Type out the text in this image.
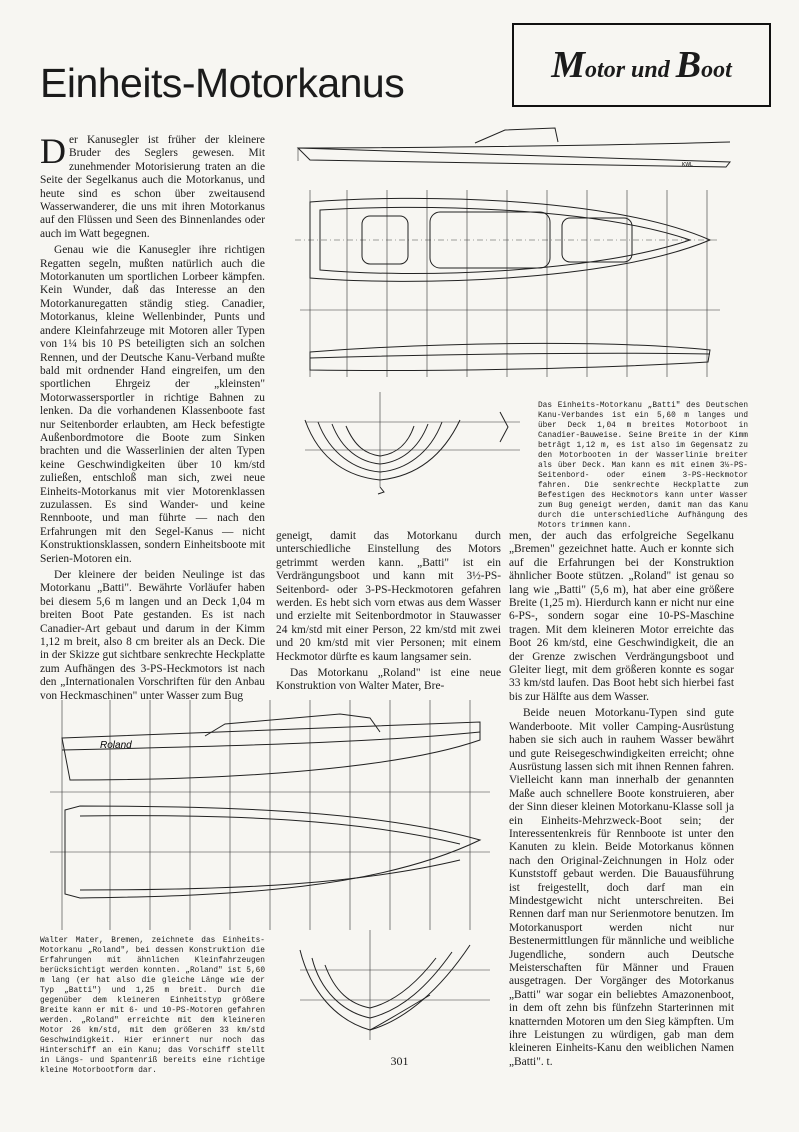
Einheits-Motorkanus	Motor und Boot

Der Kanusegler ist früher der kleinere Bruder des Seglers gewesen. Mit zunehmender Motorisierung traten an die Seite der Segelkanus auch die Motorkanus, und heute sind es schon über zweitausend Wasserwanderer, die uns mit ihren Motorkanus auf den Flüssen und Seen des Binnenlandes oder auch im Watt begegnen.

Genau wie die Kanusegler ihre richtigen Regatten segeln, mußten natürlich auch die Motorkanuten um sportlichen Lorbeer kämpfen. Kein Wunder, daß das Interesse an den Motorkanuregatten ständig stieg. Canadier, Motorkanus, kleine Wellenbinder, Punts und andere Kleinfahrzeuge mit Motoren aller Typen von 1¼ bis 10 PS beteiligten sich an solchen Rennen, und der Deutsche Kanu-Verband mußte bald mit ordnender Hand eingreifen, um den sportlichen Ehrgeiz der „kleinsten" Motorwassersportler in richtige Bahnen zu lenken. Da die vorhandenen Klassenboote fast nur Seitenborder erlaubten, am Heck befestigte Außenbordmotore die Boote zum Sinken brachten und die Wasserlinien der alten Typen keine Geschwindigkeiten über 10 km/std zuließen, entschloß man sich, zwei neue Einheits-Motorkanus mit vier Motorenklassen zuzulassen. Es sind Wander- und keine Rennboote, und man führte — nach den Erfahrungen mit den Segel-Kanus — nicht Konstruktionsklassen, sondern Einheitsboote mit Serien-Motoren ein.

Der kleinere der beiden Neulinge ist das Motorkanu „Batti". Bewährte Vorläufer haben bei diesem 5,6 m langen und an Deck 1,04 m breiten Boot Pate gestanden. Es ist nach Canadier-Art gebaut und darum in der Kimm 1,12 m breit, also 8 cm breiter als an Deck. Die in der Skizze gut sichtbare senkrechte Heckplatte zum Aufhängen des 3-PS-Heckmotors ist nach den „Internationalen Vorschriften für den Anbau von Heckmaschinen" unter Wasser zum Bug

geneigt, damit das Motorkanu durch unterschiedliche Einstellung des Motors getrimmt werden kann. „Batti" ist ein Verdrängungsboot und kann mit 3½-PS-Seitenbord- oder 3-PS-Heckmotoren gefahren werden. Es hebt sich vorn etwas aus dem Wasser und erzielte mit Seitenbordmotor in Stauwasser 24 km/std mit einer Person, 22 km/std mit zwei und 20 km/std mit vier Personen; mit einem Heckmotor dürfte es kaum langsamer sein.

Das Motorkanu „Roland" ist eine neue Konstruktion von Walter Mater, Bre-

men, der auch das erfolgreiche Segelkanu „Bremen" gezeichnet hatte. Auch er konnte sich auf die Erfahrungen bei der Konstruktion ähnlicher Boote stützen. „Roland" ist genau so lang wie „Batti" (5,6 m), hat aber eine größere Breite (1,25 m). Hierdurch kann er nicht nur eine 6-PS-, sondern sogar eine 10-PS-Maschine tragen. Mit dem kleineren Motor erreichte das Boot 26 km/std, eine Geschwindigkeit, die an der Grenze zwischen Verdrängungsboot und Gleiter liegt, mit dem größeren konnte es sogar 33 km/std laufen. Das Boot hebt sich hierbei fast bis zur Hälfte aus dem Wasser.

Beide neuen Motorkanu-Typen sind gute Wanderboote. Mit voller Camping-Ausrüstung haben sie sich auch in rauhem Wasser bewährt und gute Reisegeschwindigkeiten erreicht; ohne Ausrüstung lassen sich mit ihnen Rennen fahren. Vielleicht kann man innerhalb der genannten Maße auch schnellere Boote konstruieren, aber der Sinn dieser kleinen Motorkanu-Klasse soll ja ein Einheits-Mehrzweck-Boot sein; der Interessentenkreis für Rennboote ist unter den Kanuten zu klein. Beide Motorkanus können nach den Original-Zeichnungen in Holz oder Kunststoff gebaut werden. Die Bauausführung ist freigestellt, doch darf man ein Mindestgewicht nicht unterschreiten. Bei Rennen darf man nur Serienmotore benutzen. Im Motorkanusport werden nicht nur Bestenermittlungen für männliche und weibliche Jugendliche, sondern auch Deutsche Meisterschaften für Männer und Frauen ausgetragen. Der Vorgänger des Motorkanus „Batti" war sogar ein beliebtes Amazonenboot, in dem oft zehn bis fünfzehn Starterinnen mit knatternden Motoren um den Sieg kämpften. Um ihre Leistungen zu würdigen, gab man dem kleineren Einheits-Kanu den weiblichen Namen „Batti". t.

Das Einheits-Motorkanu „Batti" des Deutschen Kanu-Verbandes ist ein 5,60 m langes und über Deck 1,04 m breites Motorboot in Canadier-Bauweise. Seine Breite in der Kimm beträgt 1,12 m, es ist also im Gegensatz zu den Motorbooten in der Wasserlinie breiter als über Deck. Man kann es mit einem 3½-PS-Seitenbord- oder einem 3-PS-Heckmotor fahren. Die senkrechte Heckplatte zum Befestigen des Heckmotors kann unter Wasser zum Bug geneigt werden, damit man das Kanu durch die unterschiedliche Aufhängung des Motors trimmen kann.
Walter Mater, Bremen, zeichnete das Einheits-Motorkanu „Roland", bei dessen Konstruktion die Erfahrungen mit ähnlichen Kleinfahrzeugen berücksichtigt werden konnten. „Roland" ist 5,60 m lang (er hat also die gleiche Länge wie der Typ „Batti") und 1,25 m breit. Durch die gegenüber dem kleineren Einheitstyp größere Breite kann er mit 6- und 10-PS-Motoren gefahren werden. „Roland" erreichte mit dem kleineren Motor 26 km/std, mit dem größeren 33 km/std Geschwindigkeit. Hier erinnert nur noch das Hinterschiff an ein Kanu; das Vorschiff stellt in Längs- und Spantenriß bereits eine richtige kleine Motorbootform dar.
301
KWL
Roland
